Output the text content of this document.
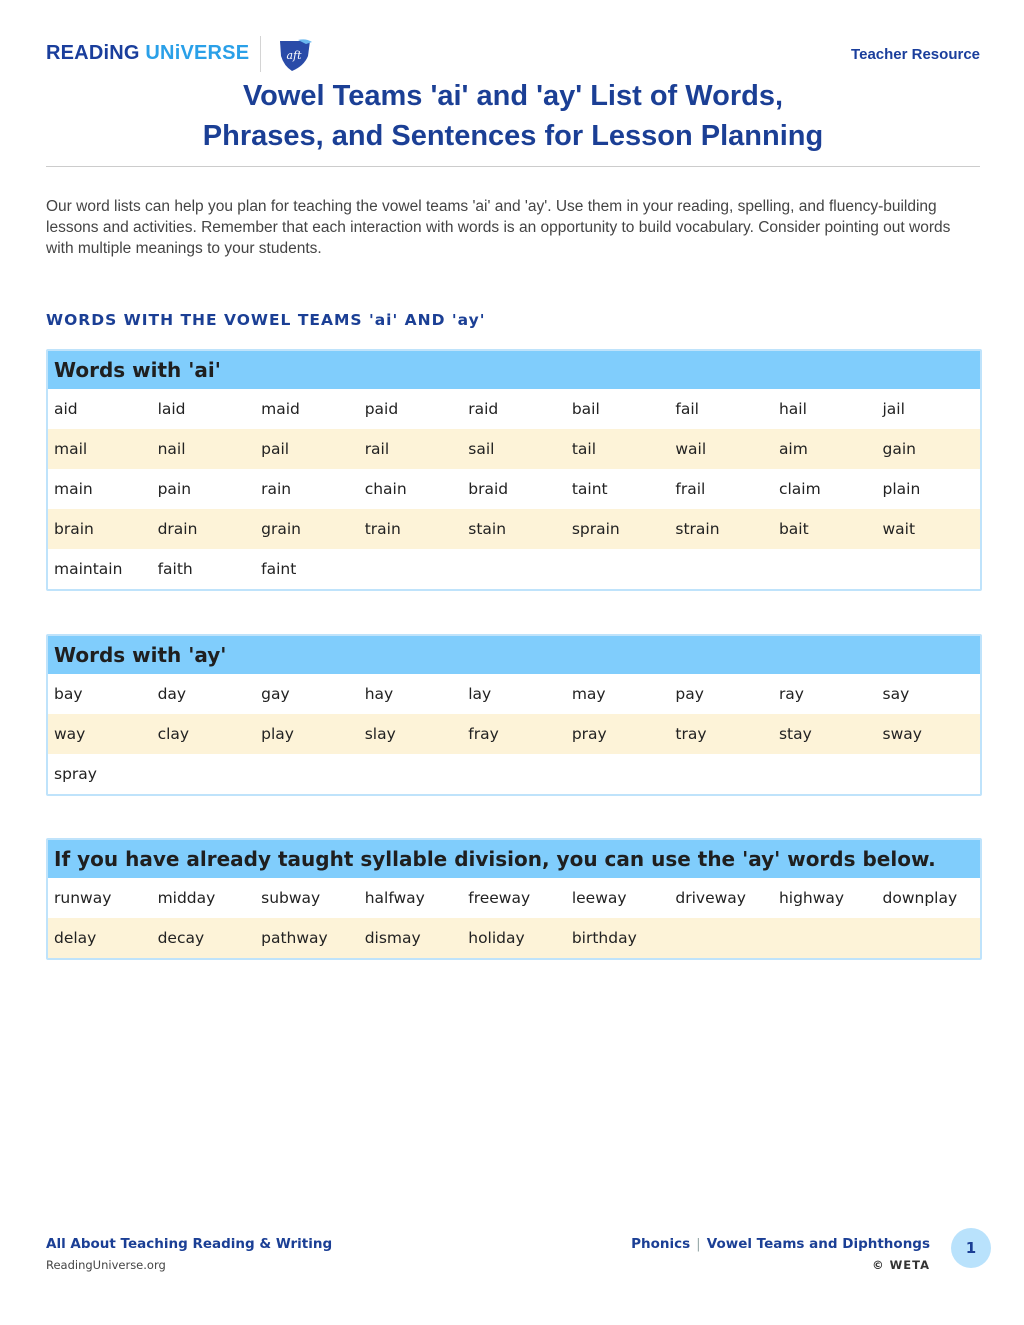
READiNG UNiVERSE	aft	Teacher Resource
Vowel Teams 'ai' and 'ay' List of Words,
Phrases, and Sentences for Lesson Planning
Our word lists can help you plan for teaching the vowel teams 'ai' and 'ay'. Use them in your reading, spelling, and fluency-building lessons and activities. Remember that each interaction with words is an opportunity to build vocabulary. Consider pointing out words with multiple meanings to your students.
WORDS WITH THE VOWEL TEAMS 'ai' AND 'ay'
Words with 'ai'
aid	laid	maid	paid	raid	bail	fail	hail	jail
mail	nail	pail	rail	sail	tail	wail	aim	gain
main	pain	rain	chain	braid	taint	frail	claim	plain
brain	drain	grain	train	stain	sprain	strain	bait	wait
maintain	faith	faint
Words with 'ay'
bay	day	gay	hay	lay	may	pay	ray	say
way	clay	play	slay	fray	pray	tray	stay	sway
spray
If you have already taught syllable division, you can use the 'ay' words below.
runway	midday	subway	halfway	freeway	leeway	driveway	highway	downplay
delay	decay	pathway	dismay	holiday	birthday
All About Teaching Reading & Writing
ReadingUniverse.org
Phonics | Vowel Teams and Diphthongs
© WETA
1
